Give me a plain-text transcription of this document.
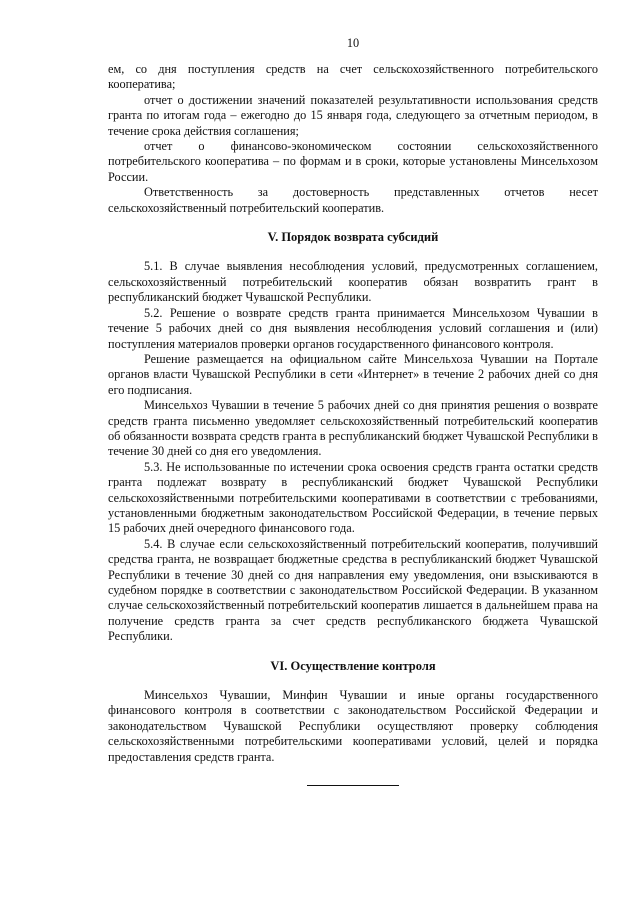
10

ем, со дня поступления средств на счет сельскохозяйственного потребительского кооператива;

отчет о достижении значений показателей результативности использования средств гранта по итогам года – ежегодно до 15 января года, следующего за отчетным периодом, в течение срока действия соглашения;

отчет о финансово-экономическом состоянии сельскохозяйственного потребительского кооператива – по формам и в сроки, которые установлены Минсельхозом России.

Ответственность за достоверность представленных отчетов несет сельскохозяйственный потребительский кооператив.

V. Порядок возврата субсидий

5.1. В случае выявления несоблюдения условий, предусмотренных соглашением, сельскохозяйственный потребительский кооператив обязан возвратить грант в республиканский бюджет Чувашской Республики.

5.2. Решение о возврате средств гранта принимается Минсельхозом Чувашии в течение 5 рабочих дней со дня выявления несоблюдения условий соглашения и (или) поступления материалов проверки органов государственного финансового контроля.

Решение размещается на официальном сайте Минсельхоза Чувашии на Портале органов власти Чувашской Республики в сети «Интернет» в течение 2 рабочих дней со дня его подписания.

Минсельхоз Чувашии в течение 5 рабочих дней со дня принятия решения о возврате средств гранта письменно уведомляет сельскохозяйственный потребительский кооператив об обязанности возврата средств гранта в республиканский бюджет Чувашской Республики в течение 30 дней со дня его уведомления.

5.3. Не использованные по истечении срока освоения средств гранта остатки средств гранта подлежат возврату в республиканский бюджет Чувашской Республики сельскохозяйственными потребительскими кооперативами в соответствии с требованиями, установленными бюджетным законодательством Российской Федерации, в течение первых 15 рабочих дней очередного финансового года.

5.4. В случае если сельскохозяйственный потребительский кооператив, получивший средства гранта, не возвращает бюджетные средства в республиканский бюджет Чувашской Республики в течение 30 дней со дня направления ему уведомления, они взыскиваются в судебном порядке в соответствии с законодательством Российской Федерации. В указанном случае сельскохозяйственный потребительский кооператив лишается в дальнейшем права на получение средств гранта за счет средств республиканского бюджета Чувашской Республики.

VI. Осуществление контроля

Минсельхоз Чувашии, Минфин Чувашии и иные органы государственного финансового контроля в соответствии с законодательством Российской Федерации и законодательством Чувашской Республики осуществляют проверку соблюдения сельскохозяйственными потребительскими кооперативами условий, целей и порядка предоставления средств гранта.
